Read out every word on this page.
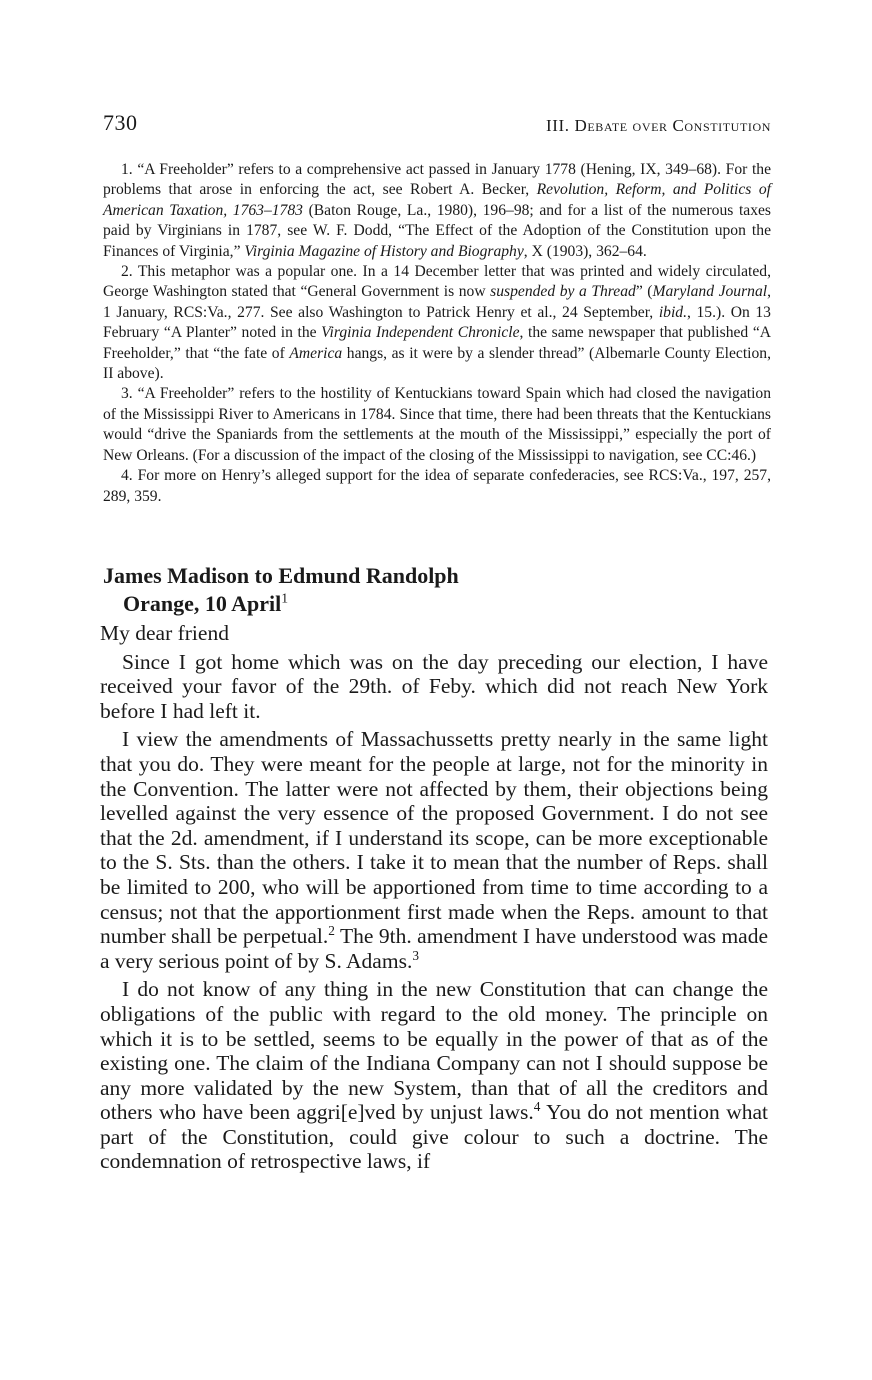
730	III. Debate over Constitution

1. “A Freeholder” refers to a comprehensive act passed in January 1778 (Hening, IX, 349–68). For the problems that arose in enforcing the act, see Robert A. Becker, Revolution, Reform, and Politics of American Taxation, 1763–1783 (Baton Rouge, La., 1980), 196–98; and for a list of the numerous taxes paid by Virginians in 1787, see W. F. Dodd, “The Effect of the Adoption of the Constitution upon the Finances of Virginia,” Virginia Magazine of History and Biography, X (1903), 362–64.

2. This metaphor was a popular one. In a 14 December letter that was printed and widely circulated, George Washington stated that “General Government is now suspended by a Thread” (Maryland Journal, 1 January, RCS:Va., 277. See also Washington to Patrick Henry et al., 24 September, ibid., 15.). On 13 February “A Planter” noted in the Virginia Independent Chronicle, the same newspaper that published “A Freeholder,” that “the fate of America hangs, as it were by a slender thread” (Albemarle County Election, II above).

3. “A Freeholder” refers to the hostility of Kentuckians toward Spain which had closed the navigation of the Mississippi River to Americans in 1784. Since that time, there had been threats that the Kentuckians would “drive the Spaniards from the settlements at the mouth of the Mississippi,” especially the port of New Orleans. (For a discussion of the impact of the closing of the Mississippi to navigation, see CC:46.)

4. For more on Henry’s alleged support for the idea of separate confederacies, see RCS:Va., 197, 257, 289, 359.

James Madison to Edmund Randolph
Orange, 10 April$^1$

My dear friend

Since I got home which was on the day preceding our election, I have received your favor of the 29th. of Feby. which did not reach New York before I had left it.

I view the amendments of Massachussetts pretty nearly in the same light that you do. They were meant for the people at large, not for the minority in the Convention. The latter were not affected by them, their objections being levelled against the very essence of the proposed Government. I do not see that the 2d. amendment, if I understand its scope, can be more exceptionable to the S. Sts. than the others. I take it to mean that the number of Reps. shall be limited to 200, who will be apportioned from time to time according to a census; not that the apportionment first made when the Reps. amount to that number shall be perpetual.$^2$ The 9th. amendment I have understood was made a very serious point of by S. Adams.$^3$

I do not know of any thing in the new Constitution that can change the obligations of the public with regard to the old money. The principle on which it is to be settled, seems to be equally in the power of that as of the existing one. The claim of the Indiana Company can not I should suppose be any more validated by the new System, than that of all the creditors and others who have been aggri[e]ved by unjust laws.$^4$ You do not mention what part of the Constitution, could give colour to such a doctrine. The condemnation of retrospective laws, if
